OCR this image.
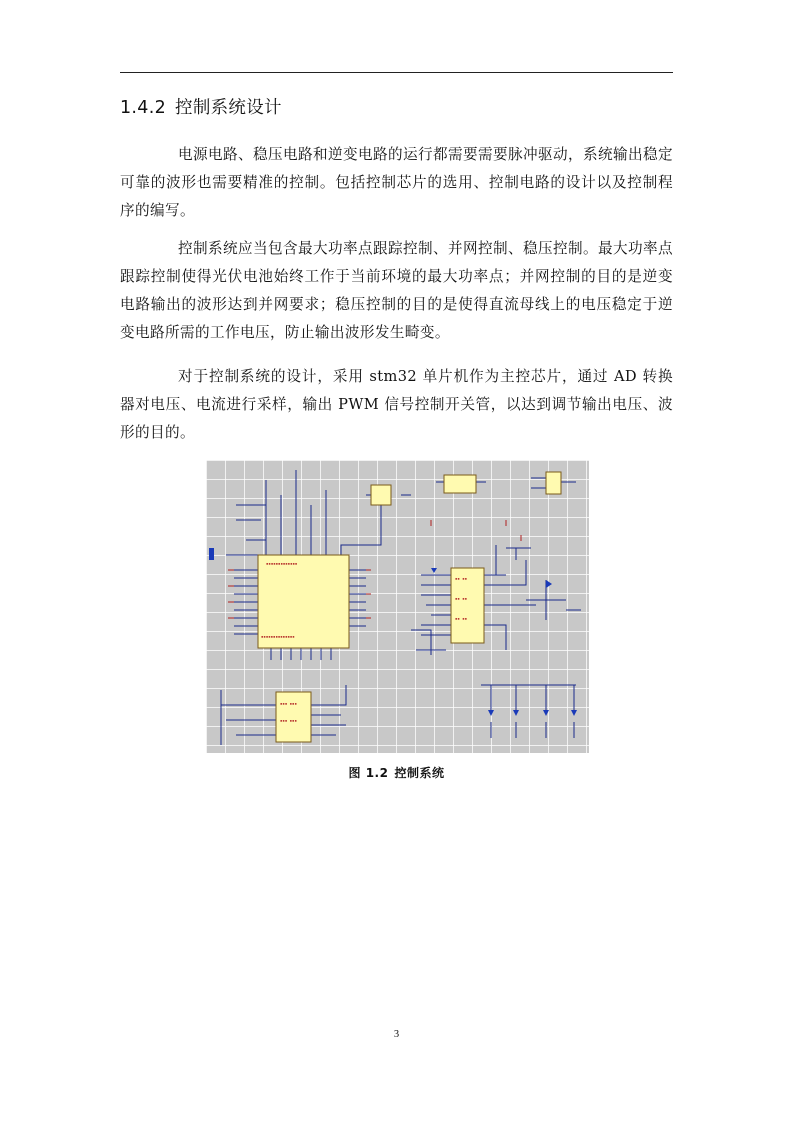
1.4.2 控制系统设计

电源电路、稳压电路和逆变电路的运行都需要需要脉冲驱动，系统输出稳定可靠的波形也需要精准的控制。包括控制芯片的选用、控制电路的设计以及控制程序的编写。

控制系统应当包含最大功率点跟踪控制、并网控制、稳压控制。最大功率点跟踪控制使得光伏电池始终工作于当前环境的最大功率点；并网控制的目的是逆变电路输出的波形达到并网要求；稳压控制的目的是使得直流母线上的电压稳定于逆变电路所需的工作电压，防止输出波形发生畸变。

对于控制系统的设计，采用 stm32 单片机作为主控芯片，通过 AD 转换器对电压、电流进行采样，输出 PWM 信号控制开关管，以达到调节输出电压、波形的目的。

▪▪▪▪▪▪▪▪▪▪▪▪▪
▪▪▪▪▪▪▪▪▪▪▪▪▪▪
▪▪ ▪▪
▪▪ ▪▪
▪▪ ▪▪
▪▪▪ ▪▪▪
▪▪▪ ▪▪▪
图 1.2 控制系统
3
